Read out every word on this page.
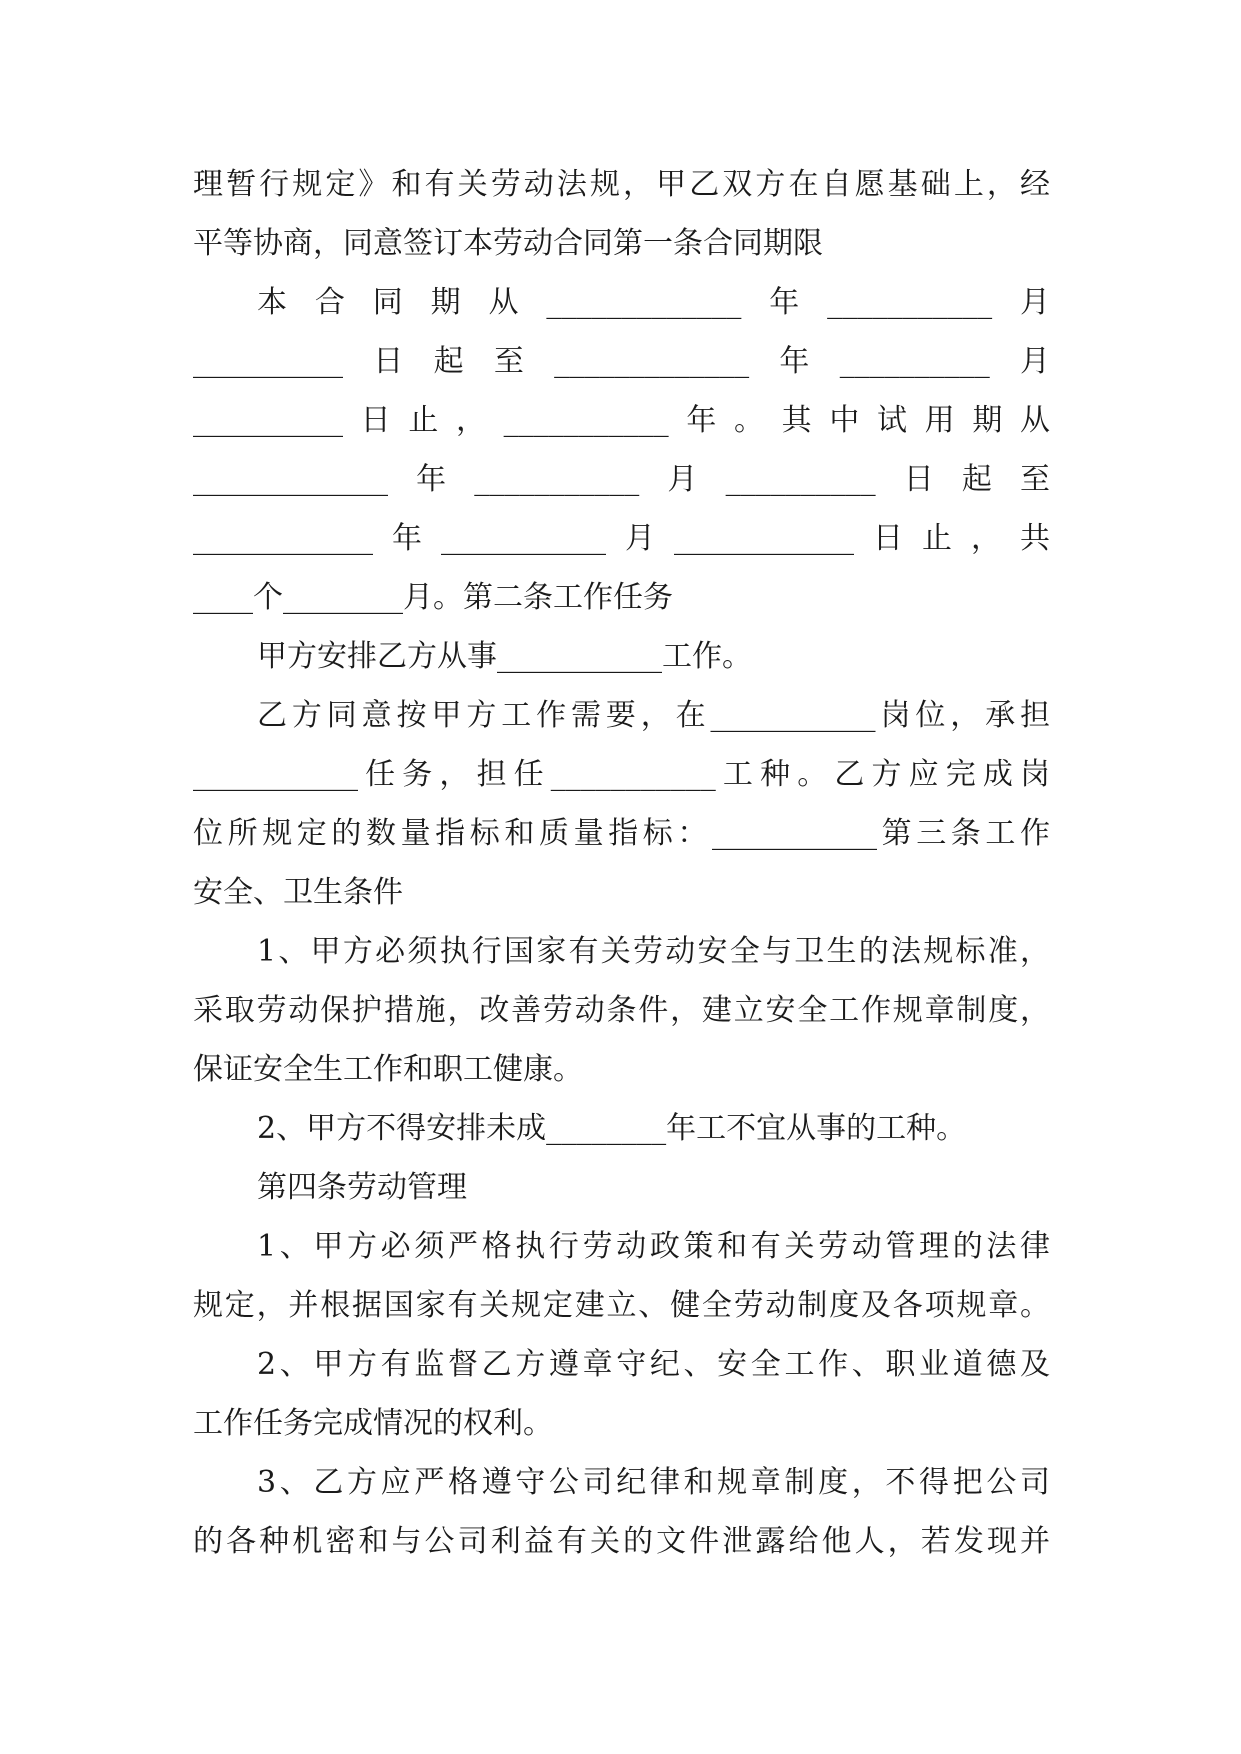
理暂行规定》和有关劳动法规，甲乙双方在自愿基础上，经
平等协商，同意签订本劳动合同第一条合同期限
本合同期从_____________年___________月
__________日起至_____________年__________月
__________日止，___________年。其中试用期从
_____________年___________月__________日起至
____________年___________月____________日止，共
____个________月。第二条工作任务
甲方安排乙方从事___________工作。
乙方同意按甲方工作需要，在___________岗位，承担
___________任务，担任___________工种。乙方应完成岗
位所规定的数量指标和质量指标：___________第三条工作
安全、卫生条件
1、甲方必须执行国家有关劳动安全与卫生的法规标准，
采取劳动保护措施，改善劳动条件，建立安全工作规章制度，
保证安全生工作和职工健康。
2、甲方不得安排未成________年工不宜从事的工种。
第四条劳动管理
1、甲方必须严格执行劳动政策和有关劳动管理的法律
规定，并根据国家有关规定建立、健全劳动制度及各项规章。
2、甲方有监督乙方遵章守纪、安全工作、职业道德及
工作任务完成情况的权利。
3、乙方应严格遵守公司纪律和规章制度，不得把公司
的各种机密和与公司利益有关的文件泄露给他人，若发现并
